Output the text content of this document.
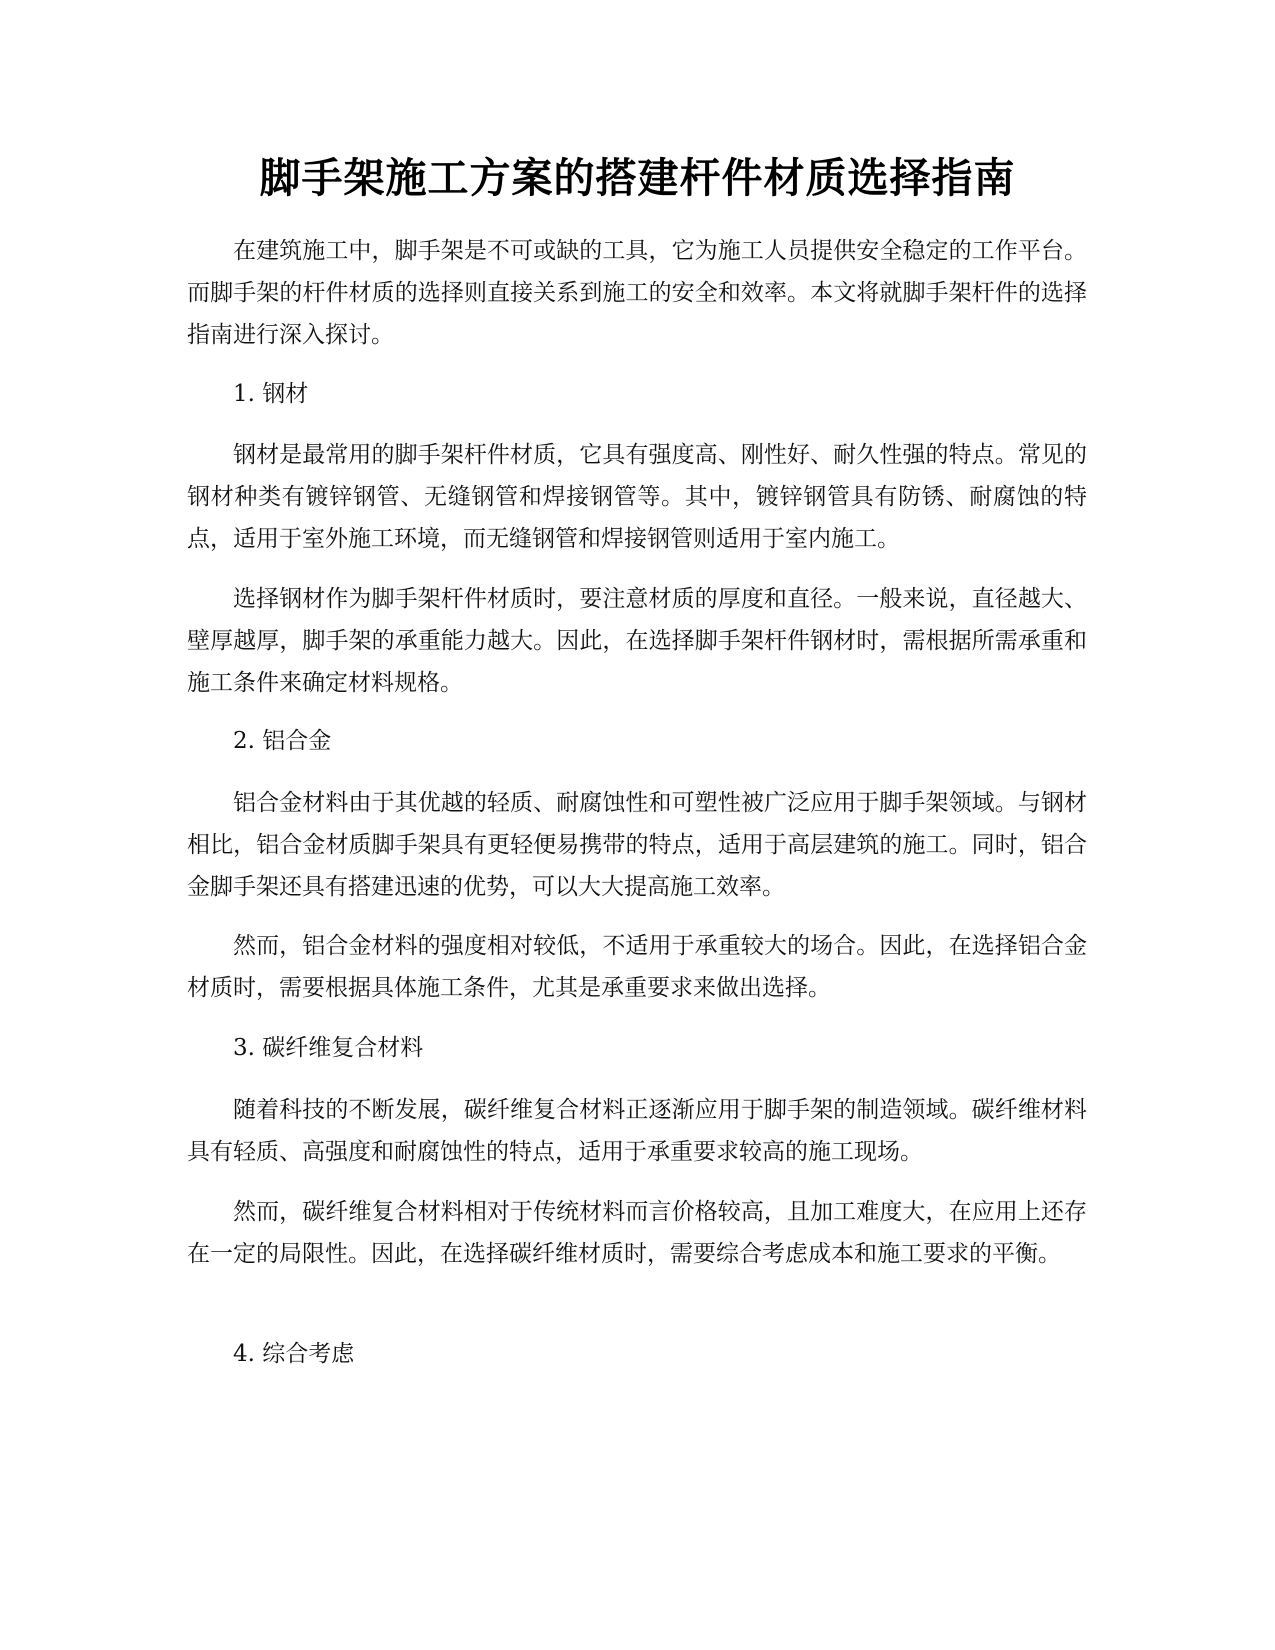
脚手架施工方案的搭建杆件材质选择指南

在建筑施工中，脚手架是不可或缺的工具，它为施工人员提供安全稳定的工作平台。而脚手架的杆件材质的选择则直接关系到施工的安全和效率。本文将就脚手架杆件的选择指南进行深入探讨。

1. 钢材

钢材是最常用的脚手架杆件材质，它具有强度高、刚性好、耐久性强的特点。常见的钢材种类有镀锌钢管、无缝钢管和焊接钢管等。其中，镀锌钢管具有防锈、耐腐蚀的特点，适用于室外施工环境，而无缝钢管和焊接钢管则适用于室内施工。

选择钢材作为脚手架杆件材质时，要注意材质的厚度和直径。一般来说，直径越大、壁厚越厚，脚手架的承重能力越大。因此，在选择脚手架杆件钢材时，需根据所需承重和施工条件来确定材料规格。

2. 铝合金

铝合金材料由于其优越的轻质、耐腐蚀性和可塑性被广泛应用于脚手架领域。与钢材相比，铝合金材质脚手架具有更轻便易携带的特点，适用于高层建筑的施工。同时，铝合金脚手架还具有搭建迅速的优势，可以大大提高施工效率。

然而，铝合金材料的强度相对较低，不适用于承重较大的场合。因此，在选择铝合金材质时，需要根据具体施工条件，尤其是承重要求来做出选择。

3. 碳纤维复合材料

随着科技的不断发展，碳纤维复合材料正逐渐应用于脚手架的制造领域。碳纤维材料具有轻质、高强度和耐腐蚀性的特点，适用于承重要求较高的施工现场。

然而，碳纤维复合材料相对于传统材料而言价格较高，且加工难度大，在应用上还存在一定的局限性。因此，在选择碳纤维材质时，需要综合考虑成本和施工要求的平衡。

4. 综合考虑
